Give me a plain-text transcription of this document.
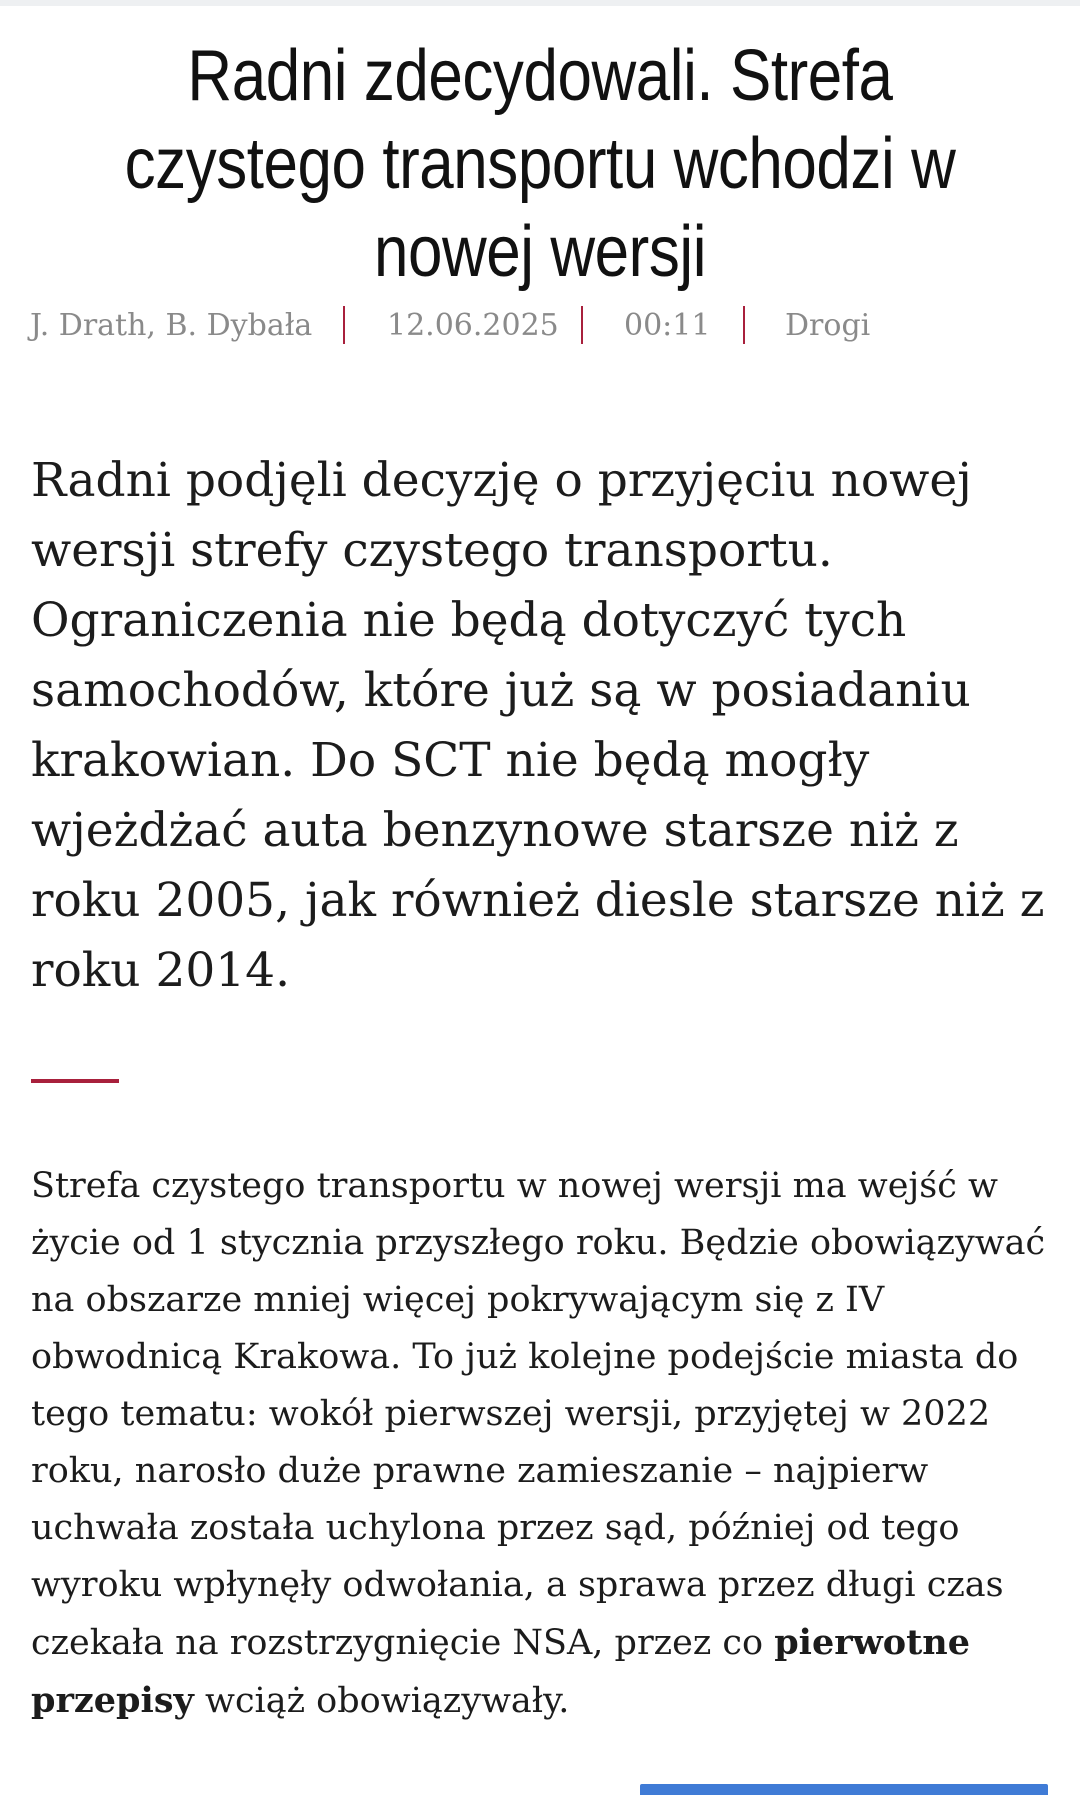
Radni zdecydowali. Strefa czystego transportu wchodzi w nowej wersji
J. Drath, B. Dybała	12.06.2025	00:11	Drogi

Radni podjęli decyzję o przyjęciu nowej wersji strefy czystego transportu. Ograniczenia nie będą dotyczyć tych samochodów, które już są w posiadaniu krakowian. Do SCT nie będą mogły wjeżdżać auta benzynowe starsze niż z roku 2005, jak również diesle starsze niż z roku 2014.

Strefa czystego transportu w nowej wersji ma wejść w życie od 1 stycznia przyszłego roku. Będzie obowiązywać na obszarze mniej więcej pokrywającym się z IV obwodnicą Krakowa. To już kolejne podejście miasta do tego tematu: wokół pierwszej wersji, przyjętej w 2022 roku, narosło duże prawne zamieszanie – najpierw uchwała została uchylona przez sąd, później od tego wyroku wpłynęły odwołania, a sprawa przez długi czas czekała na rozstrzygnięcie NSA, przez co pierwotne przepisy wciąż obowiązywały.
